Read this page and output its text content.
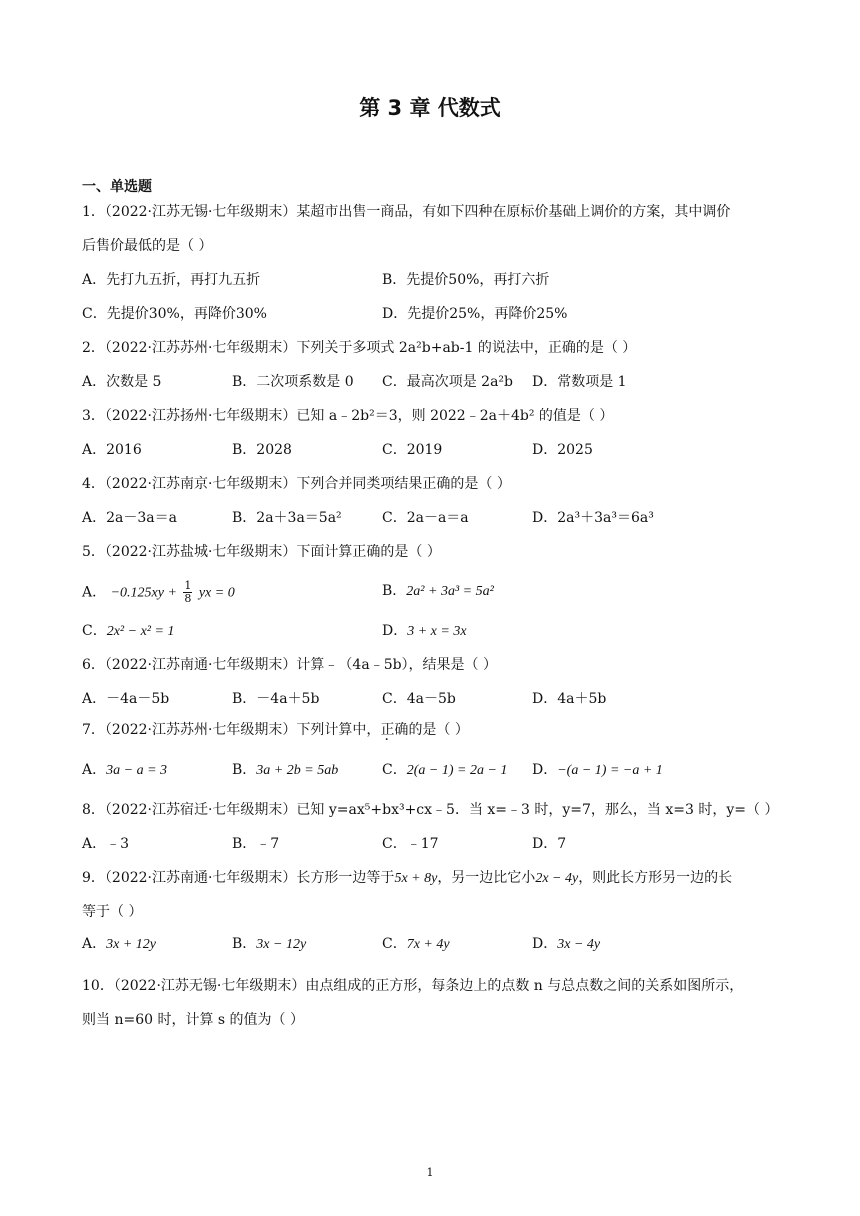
第 3 章 代数式
一、单选题
1．（2022·江苏无锡·七年级期末）某超市出售一商品，有如下四种在原标价基础上调价的方案，其中调价
后售价最低的是（ ）
A．先打九五折，再打九五折	B．先提价50%，再打六折
C．先提价30%，再降价30%	D．先提价25%，再降价25%
2．（2022·江苏苏州·七年级期末）下列关于多项式 2a²b+ab-1 的说法中，正确的是（ ）
A．次数是 5	B．二次项系数是 0 C．最高次项是 2a²b D．常数项是 1
3．（2022·江苏扬州·七年级期末）已知 a﹣2b²＝3，则 2022﹣2a＋4b² 的值是（ ）
A．2016	B．2028	C．2019	D．2025
4．（2022·江苏南京·七年级期末）下列合并同类项结果正确的是（ ）
A．2a－3a＝a	B．2a＋3a＝5a²	C．2a－a＝a	D．2a³＋3a³＝6a³
5．（2022·江苏盐城·七年级期末）下面计算正确的是（ ）
A． $-0.125xy + \frac{1}{8}$ yx = 0	B．2a² + 3a³ = 5a²
C．2x² − x² = 1	D．3 + x = 3x
6．（2022·江苏南通·七年级期末）计算﹣（4a﹣5b），结果是（ ）
A．－4a－5b	B．－4a＋5b	C．4a－5b	D．4a＋5b
7．（2022·江苏苏州·七年级期末）下列计算中，正确的是（ ）
A．3a − a = 3	B．3a + 2b = 5ab	C．2(a − 1) = 2a − 1 D．−(a − 1) = −a + 1
8．（2022·江苏宿迁·七年级期末）已知 y=ax⁵+bx³+cx﹣5．当 x=﹣3 时，y=7，那么，当 x=3 时，y=（ ）
A．﹣3	B．﹣7	C．﹣17	D．7
9．（2022·江苏南通·七年级期末）长方形一边等于5x + 8y，另一边比它小2x − 4y，则此长方形另一边的长
等于（ ）
A．3x + 12y	B．3x − 12y	C．7x + 4y	D．3x − 4y
10．（2022·江苏无锡·七年级期末）由点组成的正方形，每条边上的点数 n 与总点数之间的关系如图所示，
则当 n=60 时，计算 s 的值为（ ）
1
